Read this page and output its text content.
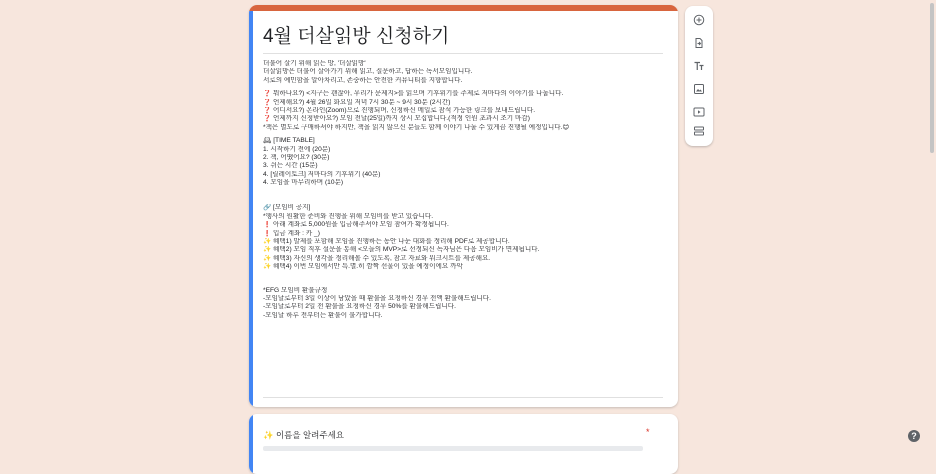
4월 더살읽방 신청하기
더불어 살기 위해 읽는 방, '더살읽방'
더살읽방은 더불어 살아가기 위해 읽고, 질문하고, 답하는 독서모임입니다.
서로의 예민함을 알아차리고, 존중하는 안전한 커뮤니티를 지향합니다.
❓ 뭐하나요?) <지구는 괜찮아, 우리가 문제지>를 읽으며 기후위기를 주제로 저마다의 이야기를 나눕니다.
❓ 언제해요?) 4월 26일 화요일 저녁 7시 30분 ~ 9시 30분 (2시간)
❓ 어디서요?) 온라인(Zoom)으로 진행되며, 신청하신 메일로 참석 가능한 링크를 보내드립니다.
❓ 언제까지 신청받아요?) 모임 전날(25일)까지 상시 모집합니다.(적정 인원 초과시 조기 마감)
*책은 별도로 구매하셔야 하지만, 책을 읽지 않으신 분들도 함께 이야기 나눌 수 있게끔 진행될 예정입니다.😊
🕰 [TIME TABLE]
1. 시작하기 전에 (20분)
2. 책, 어땠어요? (30분)
3. 쉬는 시간 (15분)
4. [릴레이토크] 저마다의 기후위기 (40분)
4. 모임을 마무리하며 (10분)
🔗 [모임비 공지]
*행사의 원활한 준비와 진행을 위해 모임비를 받고 있습니다.
❗ 아래 계좌로 5,000원을 입금해주셔야 모임 참여가 확정됩니다.
❗ 입금 계좌 : 카 _)
✨ 혜택1) 발제를 포함해 모임을 진행하는 동안 나눈 대화를 정리해 PDF로 제공합니다.
✨ 혜택2) 모임 직후 설문을 통해 <오늘의 MVP>로 선정되신 독자님은 다음 모임비가 면제됩니다.
✨ 혜택3) 자신의 생각을 정리해볼 수 있도록, 참고 자료와 워크시트를 제공해요.
✨ 혜택4) 이번 모임에서만 특.별.히 깜짝 선물이 있을 예정이에요 까악
*EFG 모임비 환불규정
-모임날로부터 3일 이상이 남았을 때 환불을 요청하신 경우 전액 환불해드립니다.
-모임날로부터 2일 전 환불을 요청하신 경우 50%를 환불해드립니다.
-모임날 하루 전부터는 환불이 불가합니다.
✨ 이름을 알려주세요	*	?
